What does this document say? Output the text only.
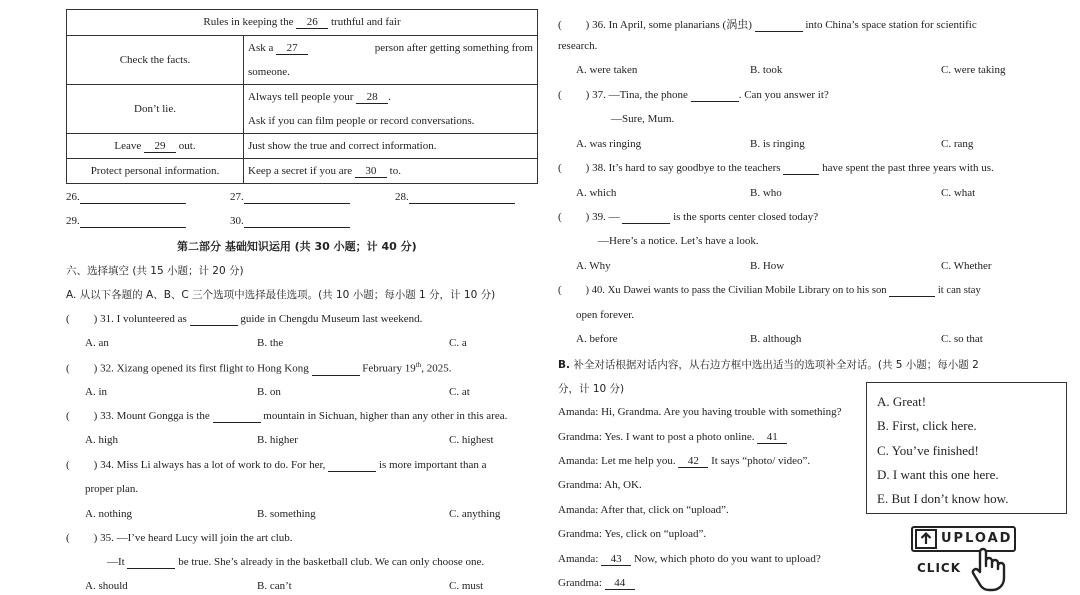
Rules in keeping the 26 truthful and fair	
Check the facts.	Ask a 27 person after getting something from
someone.

Don’t lie.	Always tell people your 28 .
Ask if you can film people or record conversations.

Leave 29 out.	Just show the true and correct information.
Protect personal information.	Keep a secret if you are 30 to.
26.	27.	28.
29.	30.
第二部分 基础知识运用 (共 30 小题；计 40 分)
六、选择填空 (共 15 小题；计 20 分)
A. 从以下各题的 A、B、C 三个选项中选择最佳选项。(共 10 小题；每小题 1 分，计 10 分)
( ) 31. I volunteered as	guide in Chengdu Museum last weekend.
A. an	B. the	C. a
( ) 32. Xizang opened its first flight to Hong Kong	February 19th, 2025.
A. in	B. on	C. at
( ) 33. Mount Gongga is the	mountain in Sichuan, higher than any other in this area.
A. high	B. higher	C. highest
( ) 34. Miss Li always has a lot of work to do. For her,	is more important than a
proper plan.
A. nothing	B. something	C. anything
( ) 35. —I’ve heard Lucy will join the art club.
—It	be true. She’s already in the basketball club. We can only choose one.
A. should	B. can’t	C. must
( ) 36. In April, some planarians (涡虫)	into China’s space station for scientific
research.
A. were taken	B. took	C. were taking
( ) 37. —Tina, the phone	. Can you answer it?
—Sure, Mum.
A. was ringing	B. is ringing	C. rang
( ) 38. It’s hard to say goodbye to the teachers	have spent the past three years with us.
A. which	B. who	C. what
( ) 39. —	is the sports center closed today?
—Here’s a notice. Let’s have a look.
A. Why	B. How	C. Whether
( ) 40. Xu Dawei wants to pass the Civilian Mobile Library on to his son	it can stay
open forever.
A. before	B. although	C. so that
B. 补全对话根据对话内容，从右边方框中选出适当的选项补全对话。(共 5 小题；每小题 2
分，计 10 分)
Amanda: Hi, Grandma. Are you having trouble with something?
Grandma: Yes. I want to post a photo online. 41
Amanda: Let me help you. 42 It says “photo/ video”.
Grandma: Ah, OK.
Amanda: After that, click on “upload”.
Grandma: Yes, click on “upload”.
Amanda: 43 Now, which photo do you want to upload?
Grandma: 44
A. Great!
B. First, click here.
C. You’ve finished!
D. I want this one here.
E. But I don’t know how.
UPLOAD
CLICK
